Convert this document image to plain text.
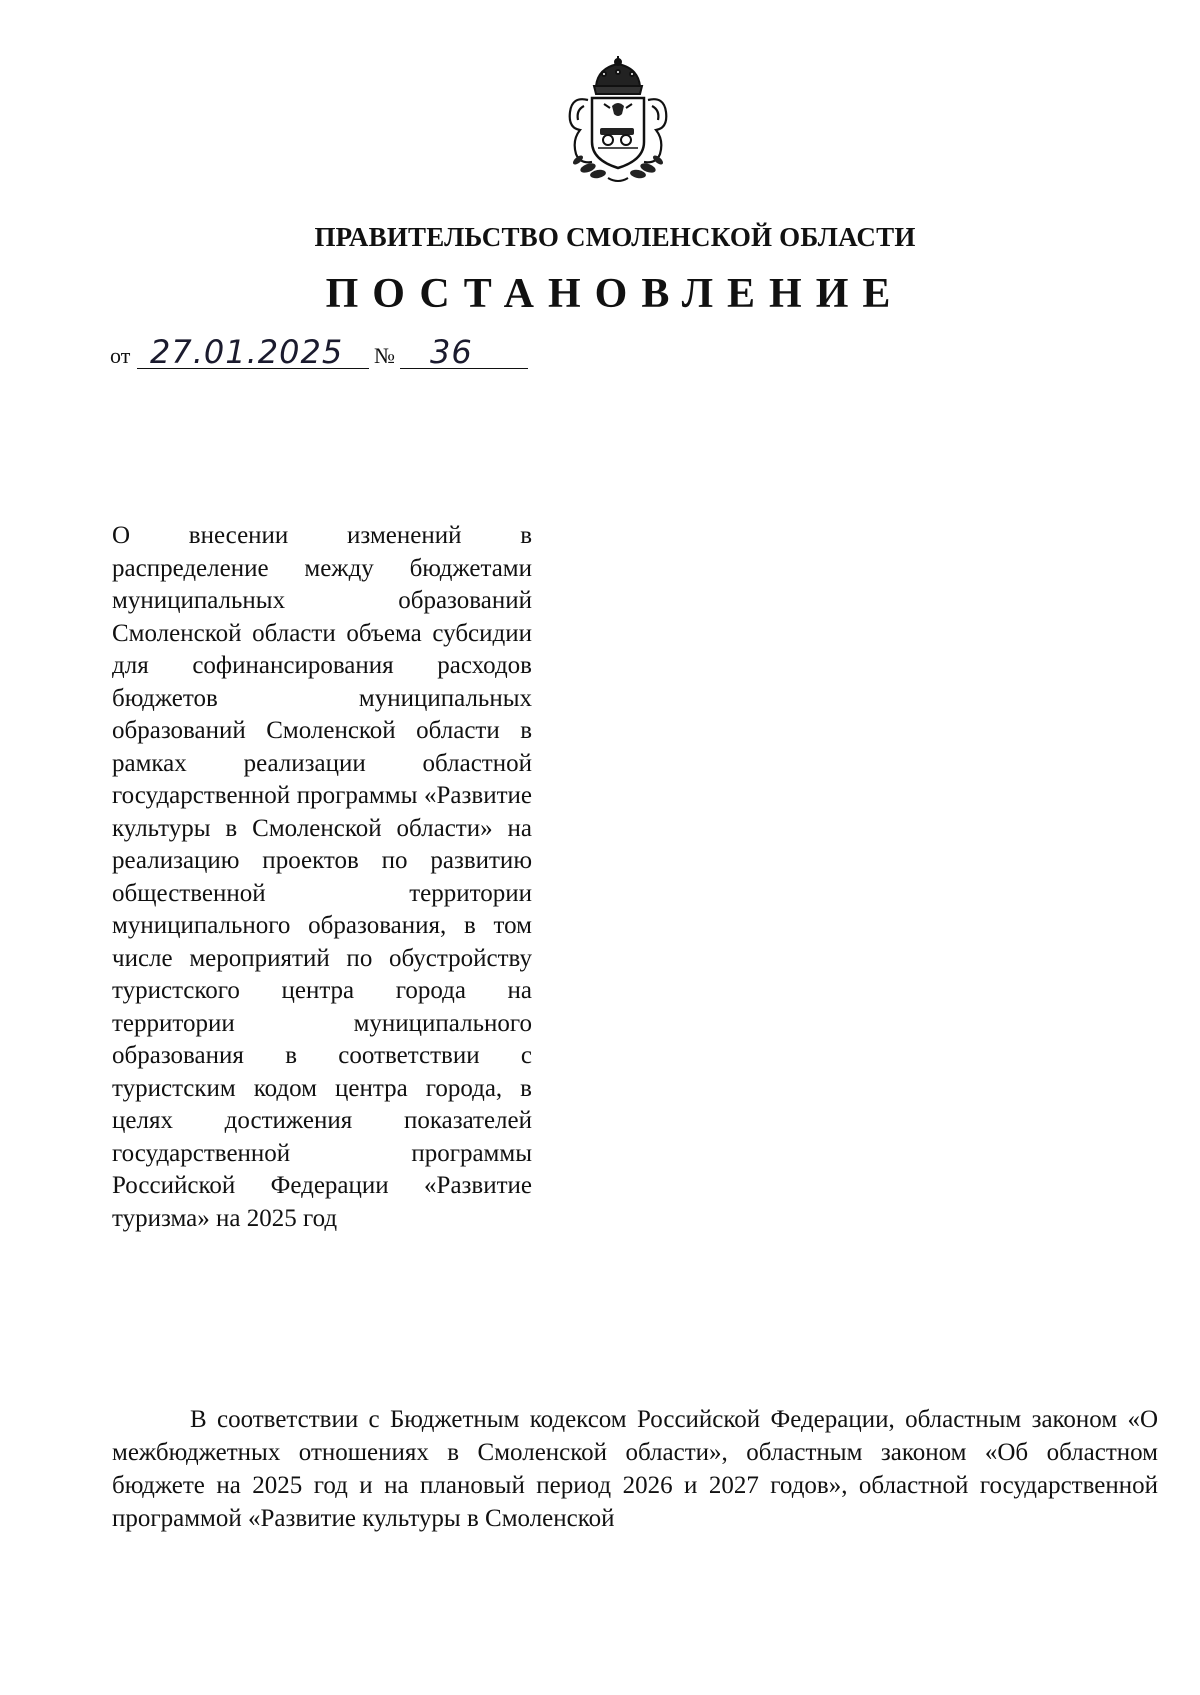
ПРАВИТЕЛЬСТВО СМОЛЕНСКОЙ ОБЛАСТИ
ПОСТАНОВЛЕНИЕ
от 27.01.2025 № 36
О внесении изменений в распределение между бюджетами муниципальных образований Смоленской области объема субсидии для софинансирования расходов бюджетов муниципальных образований Смоленской области в рамках реализации областной государственной программы «Развитие культуры в Смоленской области» на реализацию проектов по развитию общественной территории муниципального образования, в том числе мероприятий по обустройству туристского центра города на территории муниципального образования в соответствии с туристским кодом центра города, в целях достижения показателей государственной программы Российской Федерации «Развитие туризма» на 2025 год
В соответствии с Бюджетным кодексом Российской Федерации, областным законом «О межбюджетных отношениях в Смоленской области», областным законом «Об областном бюджете на 2025 год и на плановый период 2026 и 2027 годов», областной государственной программой «Развитие культуры в Смоленской
